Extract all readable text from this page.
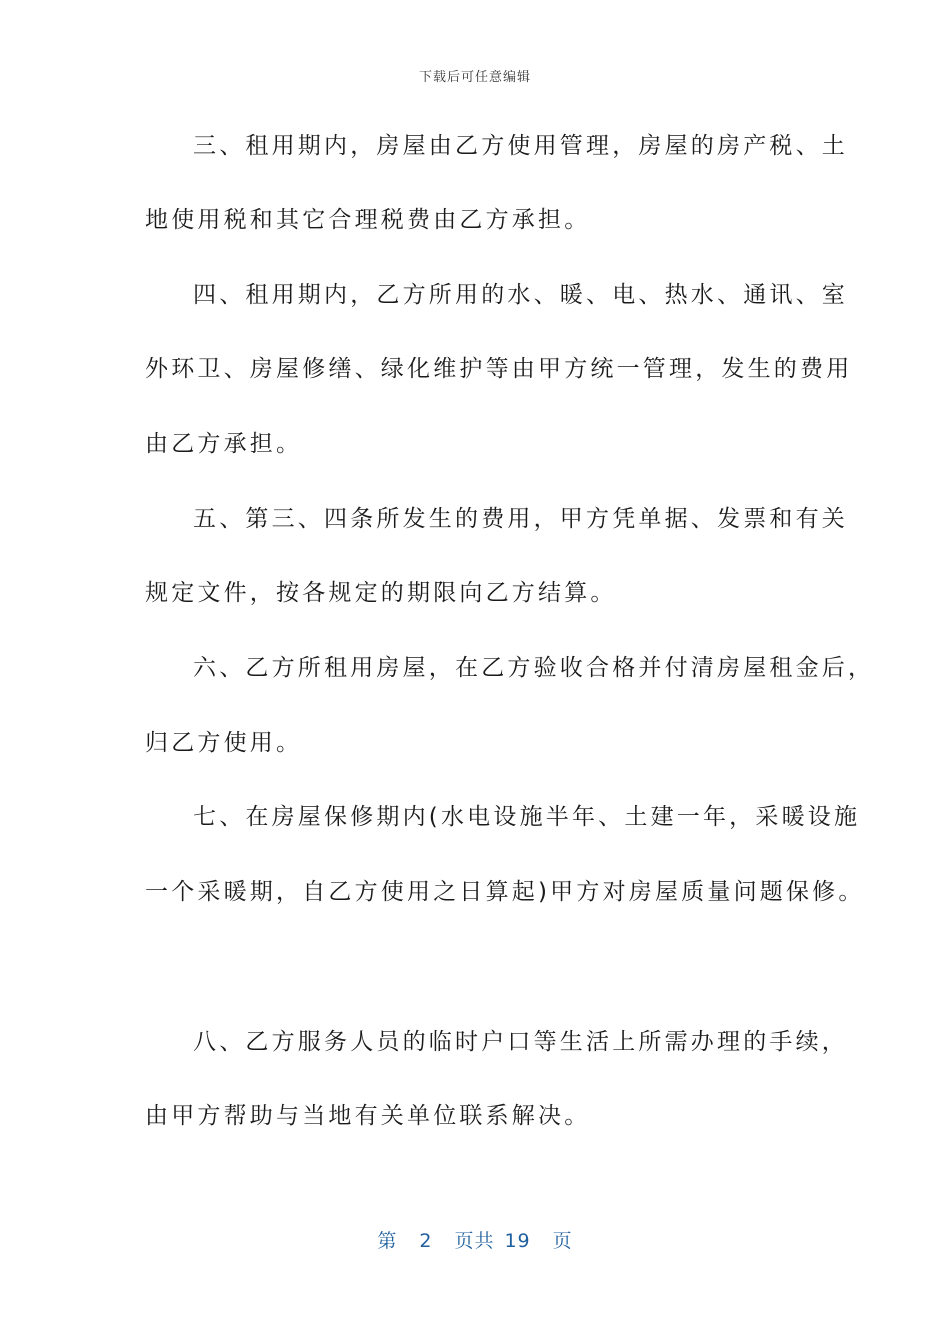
下载后可任意编辑
三、租用期内，房屋由乙方使用管理，房屋的房产税、土
地使用税和其它合理税费由乙方承担。
四、租用期内，乙方所用的水、暖、电、热水、通讯、室
外环卫、房屋修缮、绿化维护等由甲方统一管理，发生的费用
由乙方承担。
五、第三、四条所发生的费用，甲方凭单据、发票和有关
规定文件，按各规定的期限向乙方结算。
六、乙方所租用房屋，在乙方验收合格并付清房屋租金后，
归乙方使用。
七、在房屋保修期内(水电设施半年、土建一年，采暖设施
一个采暖期，自乙方使用之日算起)甲方对房屋质量问题保修。
八、乙方服务人员的临时户口等生活上所需办理的手续，
由甲方帮助与当地有关单位联系解决。
第 2 页共 19 页
